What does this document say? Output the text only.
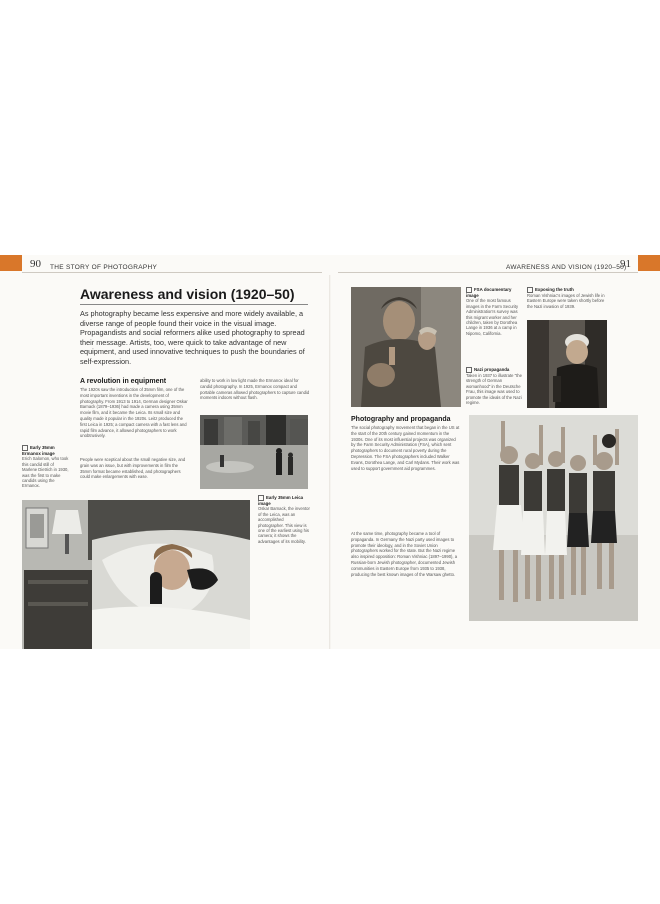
90 THE STORY OF PHOTOGRAPHY	AWARENESS AND VISION (1920–50)
91
Awareness and vision (1920–50)
As photography became less expensive and more widely available, a diverse range of people found their voice in the visual image. Propagandists and social reformers alike used photography to spread their message. Artists, too, were quick to take advantage of new equipment, and used innovative techniques to push the boundaries of self-expression.
A revolution in equipment
The 1920s saw the introduction of 35mm film, one of the most important inventions in the development of photography. From 1913 to 1914, German designer Oskar Barnack (1879–1936) had made a camera using 35mm movie film, and it became the Leica. Its small size and quality made it popular in the 1920s. Leitz produced the first Leica in 1925; a compact camera with a fast lens and rapid film advance, it allowed photographers to work unobtrusively.
People were sceptical about the small negative size, and grain was an issue, but with improvements in film the 35mm format became established, and photographers could make enlargements with ease.
ability to work in low light made the Ermanox ideal for candid photography. In 1925, Ermanox compact and portable cameras allowed photographers to capture candid moments indoors without flash.
Early 35mm Ermanox image
Erich Salomon, who took this candid still of Marlene Dietrich in 1930, was the first to make candids using the Ermanox.
Early 35mm Leica image
Oskar Barnack, the inventor of the Leica, was an accomplished photographer. This view is one of the earliest using his camera; it shows the advantages of its mobility.
FSA documentary image
One of the most famous images in the Farm Security Administration's survey was this migrant worker and her children, taken by Dorothea Lange in 1936 at a camp in Nipomo, California.
Exposing the truth
Roman Vishniac's images of Jewish life in Eastern Europe were taken shortly before the Nazi invasion of 1939.
Nazi propaganda
Taken in 1937 to illustrate "the strength of German womanhood" in the Deutsche Frau, this image was used to promote the ideals of the Nazi regime.
Photography and propaganda
The social photography movement that began in the US at the start of the 20th century gained momentum in the 1930s. One of its most influential projects was organized by the Farm Security Administration (FSA), which sent photographers to document rural poverty during the Depression. The FSA photographers included Walker Evans, Dorothea Lange, and Carl Mydans. Their work was used to support government aid programmes.
At the same time, photography became a tool of propaganda. In Germany the Nazi party used images to promote their ideology, and in the Soviet Union photographers worked for the state. But the Nazi regime also inspired opposition: Roman Vishniac (1897–1990), a Russian-born Jewish photographer, documented Jewish communities in Eastern Europe from 1935 to 1938, producing the best known images of the Warsaw ghetto.
